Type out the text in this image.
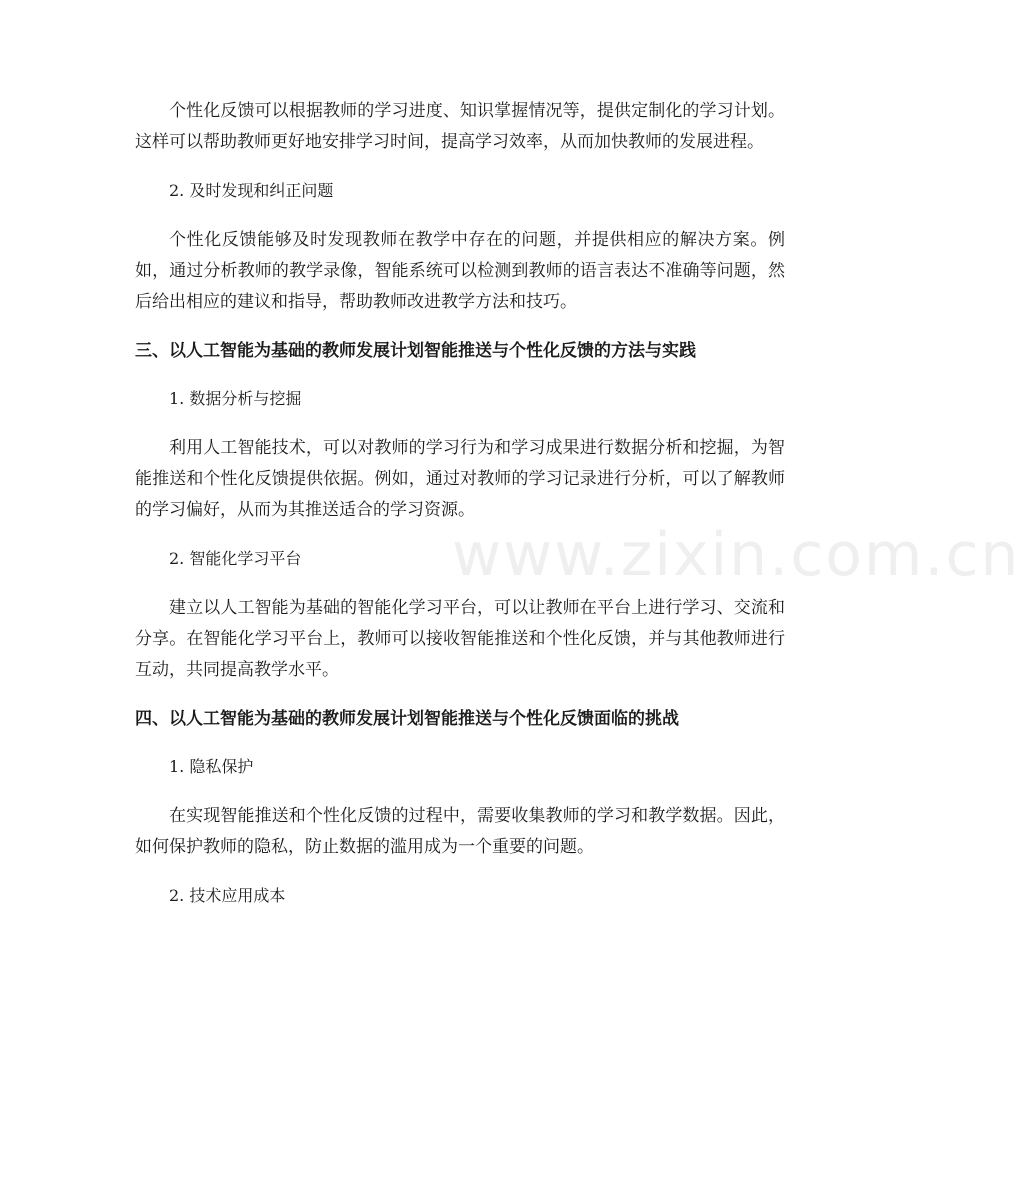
个性化反馈可以根据教师的学习进度、知识掌握情况等，提供定制化的学习计划。这样可以帮助教师更好地安排学习时间，提高学习效率，从而加快教师的发展进程。

2. 及时发现和纠正问题

个性化反馈能够及时发现教师在教学中存在的问题，并提供相应的解决方案。例如，通过分析教师的教学录像，智能系统可以检测到教师的语言表达不准确等问题，然后给出相应的建议和指导，帮助教师改进教学方法和技巧。

三、以人工智能为基础的教师发展计划智能推送与个性化反馈的方法与实践

1. 数据分析与挖掘

利用人工智能技术，可以对教师的学习行为和学习成果进行数据分析和挖掘，为智能推送和个性化反馈提供依据。例如，通过对教师的学习记录进行分析，可以了解教师的学习偏好，从而为其推送适合的学习资源。

2. 智能化学习平台

建立以人工智能为基础的智能化学习平台，可以让教师在平台上进行学习、交流和分享。在智能化学习平台上，教师可以接收智能推送和个性化反馈，并与其他教师进行互动，共同提高教学水平。

四、以人工智能为基础的教师发展计划智能推送与个性化反馈面临的挑战

1. 隐私保护

在实现智能推送和个性化反馈的过程中，需要收集教师的学习和教学数据。因此，如何保护教师的隐私，防止数据的滥用成为一个重要的问题。

2. 技术应用成本

www.zixin.com.cn
